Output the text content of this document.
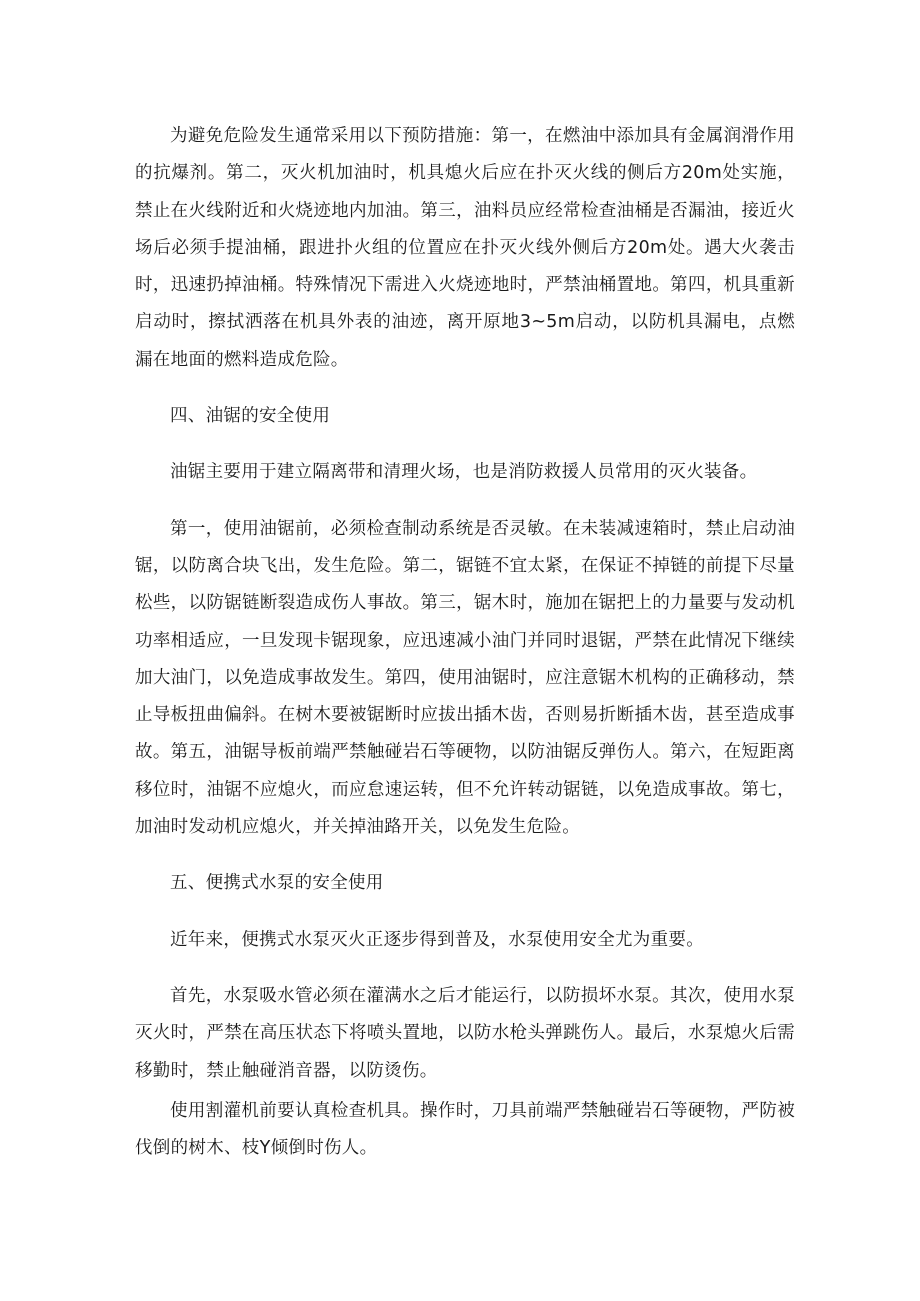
为避免危险发生通常采用以下预防措施：第一，在燃油中添加具有金属润滑作用的抗爆剂。第二，灭火机加油时，机具熄火后应在扑灭火线的侧后方20m处实施，禁止在火线附近和火烧迹地内加油。第三，油料员应经常检查油桶是否漏油，接近火场后必须手提油桶，跟进扑火组的位置应在扑灭火线外侧后方20m处。遇大火袭击时，迅速扔掉油桶。特殊情况下需进入火烧迹地时，严禁油桶置地。第四，机具重新启动时，擦拭洒落在机具外表的油迹，离开原地3~5m启动，以防机具漏电，点燃漏在地面的燃料造成危险。

四、油锯的安全使用

油锯主要用于建立隔离带和清理火场，也是消防救援人员常用的灭火装备。

第一，使用油锯前，必须检查制动系统是否灵敏。在未装减速箱时，禁止启动油锯，以防离合块飞出，发生危险。第二，锯链不宜太紧，在保证不掉链的前提下尽量松些，以防锯链断裂造成伤人事故。第三，锯木时，施加在锯把上的力量要与发动机功率相适应，一旦发现卡锯现象，应迅速减小油门并同时退锯，严禁在此情况下继续加大油门，以免造成事故发生。第四，使用油锯时，应注意锯木机构的正确移动，禁止导板扭曲偏斜。在树木要被锯断时应拔出插木齿，否则易折断插木齿，甚至造成事故。第五，油锯导板前端严禁触碰岩石等硬物，以防油锯反弹伤人。第六，在短距离移位时，油锯不应熄火，而应怠速运转，但不允许转动锯链，以免造成事故。第七，加油时发动机应熄火，并关掉油路开关，以免发生危险。

五、便携式水泵的安全使用

近年来，便携式水泵灭火正逐步得到普及，水泵使用安全尤为重要。

首先，水泵吸水管必须在灌满水之后才能运行，以防损坏水泵。其次，使用水泵灭火时，严禁在高压状态下将喷头置地，以防水枪头弹跳伤人。最后，水泵熄火后需移勤时，禁止触碰消音器，以防烫伤。

使用割灌机前要认真检查机具。操作时，刀具前端严禁触碰岩石等硬物，严防被伐倒的树木、枝Y倾倒时伤人。
